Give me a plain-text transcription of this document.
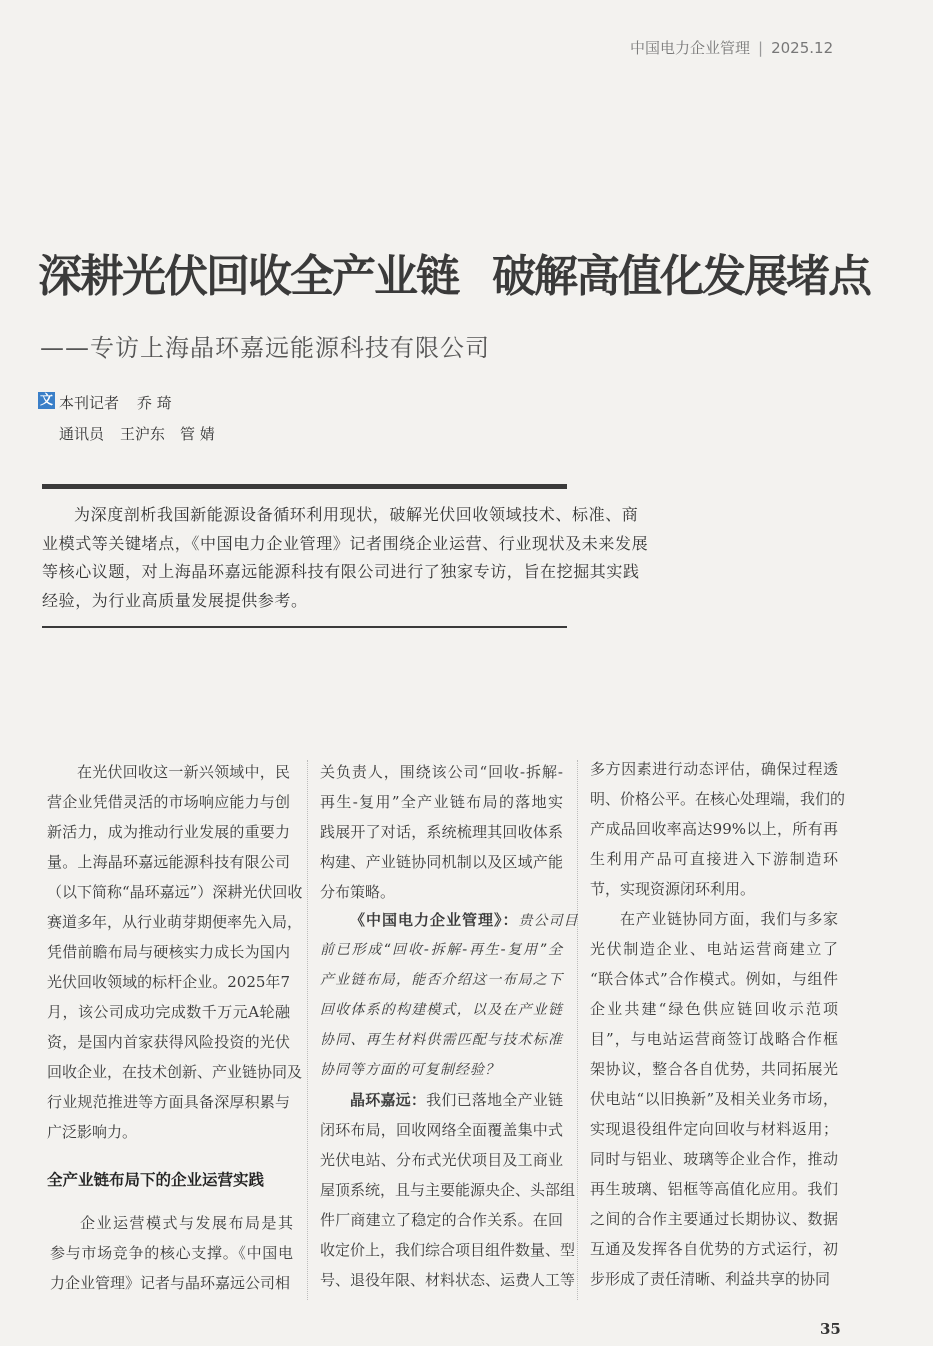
中国电力企业管理 | 2025.12
深耕光伏回收全产业链 破解高值化发展堵点
——专访上海晶环嘉远能源科技有限公司
文 本刊记者 乔 琦
通讯员 王沪东　管 婧
为深度剖析我国新能源设备循环利用现状，破解光伏回收领域技术、标准、商
业模式等关键堵点，《中国电力企业管理》记者围绕企业运营、行业现状及未来发展
等核心议题，对上海晶环嘉远能源科技有限公司进行了独家专访，旨在挖掘其实践
经验，为行业高质量发展提供参考。
在光伏回收这一新兴领域中，民
营企业凭借灵活的市场响应能力与创
新活力，成为推动行业发展的重要力
量。上海晶环嘉远能源科技有限公司
（以下简称“晶环嘉远”）深耕光伏回收
赛道多年，从行业萌芽期便率先入局，
凭借前瞻布局与硬核实力成长为国内
光伏回收领域的标杆企业。2025年7
月，该公司成功完成数千万元A轮融
资，是国内首家获得风险投资的光伏
回收企业，在技术创新、产业链协同及
行业规范推进等方面具备深厚积累与
广泛影响力。
全产业链布局下的企业运营实践
企业运营模式与发展布局是其
参与市场竞争的核心支撑。《中国电
力企业管理》记者与晶环嘉远公司相
关负责人，围绕该公司“回收-拆解-
再生-复用”全产业链布局的落地实
践展开了对话，系统梳理其回收体系
构建、产业链协同机制以及区域产能
分布策略。
《中国电力企业管理》：贵公司目
前已形成“回收-拆解-再生-复用”全
产业链布局，能否介绍这一布局之下
回收体系的构建模式，以及在产业链
协同、再生材料供需匹配与技术标准
协同等方面的可复制经验？
晶环嘉远：我们已落地全产业链
闭环布局，回收网络全面覆盖集中式
光伏电站、分布式光伏项目及工商业
屋顶系统，且与主要能源央企、头部组
件厂商建立了稳定的合作关系。在回
收定价上，我们综合项目组件数量、型
号、退役年限、材料状态、运费人工等
多方因素进行动态评估，确保过程透
明、价格公平。在核心处理端，我们的
产成品回收率高达99%以上，所有再
生利用产品可直接进入下游制造环
节，实现资源闭环利用。
在产业链协同方面，我们与多家
光伏制造企业、电站运营商建立了
“联合体式”合作模式。例如，与组件
企业共建“绿色供应链回收示范项
目”，与电站运营商签订战略合作框
架协议，整合各自优势，共同拓展光
伏电站“以旧换新”及相关业务市场，
实现退役组件定向回收与材料返用；
同时与铝业、玻璃等企业合作，推动
再生玻璃、铝框等高值化应用。我们
之间的合作主要通过长期协议、数据
互通及发挥各自优势的方式运行，初
步形成了责任清晰、利益共享的协同
35
